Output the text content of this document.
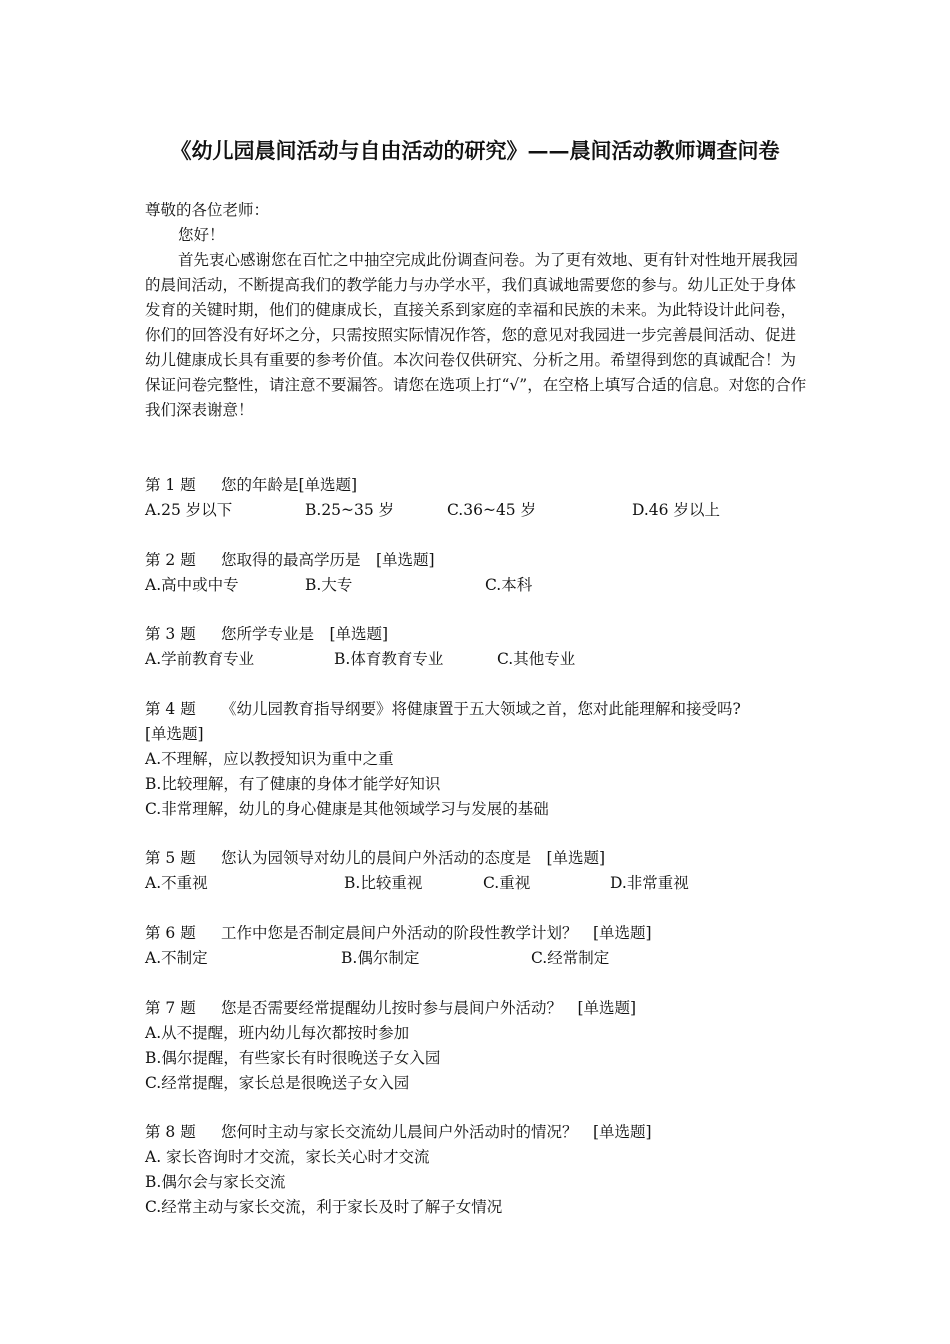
《幼儿园晨间活动与自由活动的研究》——晨间活动教师调查问卷

尊敬的各位老师：

您好！

首先衷心感谢您在百忙之中抽空完成此份调查问卷。为了更有效地、更有针对性地开展我园的晨间活动，不断提高我们的教学能力与办学水平，我们真诚地需要您的参与。幼儿正处于身体发育的关键时期，他们的健康成长，直接关系到家庭的幸福和民族的未来。为此特设计此问卷，你们的回答没有好坏之分，只需按照实际情况作答，您的意见对我园进一步完善晨间活动、促进幼儿健康成长具有重要的参考价值。本次问卷仅供研究、分析之用。希望得到您的真诚配合！为保证问卷完整性，请注意不要漏答。请您在选项上打“√”，在空格上填写合适的信息。对您的合作我们深表谢意！

第 1 题 您的年龄是[单选题]
A.25 岁以下	B.25~35 岁	C.36~45 岁	D.46 岁以上
第 2 题 您取得的最高学历是　[单选题]
A.高中或中专	B.大专	C.本科
第 3 题 您所学专业是　[单选题]
A.学前教育专业	B.体育教育专业	C.其他专业
第 4 题 《幼儿园教育指导纲要》将健康置于五大领域之首，您对此能理解和接受吗?
[单选题]
A.不理解，应以教授知识为重中之重
B.比较理解，有了健康的身体才能学好知识
C.非常理解，幼儿的身心健康是其他领域学习与发展的基础
第 5 题 您认为园领导对幼儿的晨间户外活动的态度是　[单选题]
A.不重视	B.比较重视	C.重视	D.非常重视
第 6 题 工作中您是否制定晨间户外活动的阶段性教学计划？　[单选题]
A.不制定	B.偶尔制定	C.经常制定
第 7 题 您是否需要经常提醒幼儿按时参与晨间户外活动？　[单选题]
A.从不提醒，班内幼儿每次都按时参加
B.偶尔提醒，有些家长有时很晚送子女入园
C.经常提醒，家长总是很晚送子女入园
第 8 题 您何时主动与家长交流幼儿晨间户外活动时的情况？　[单选题]
A. 家长咨询时才交流，家长关心时才交流
B.偶尔会与家长交流
C.经常主动与家长交流，利于家长及时了解子女情况
